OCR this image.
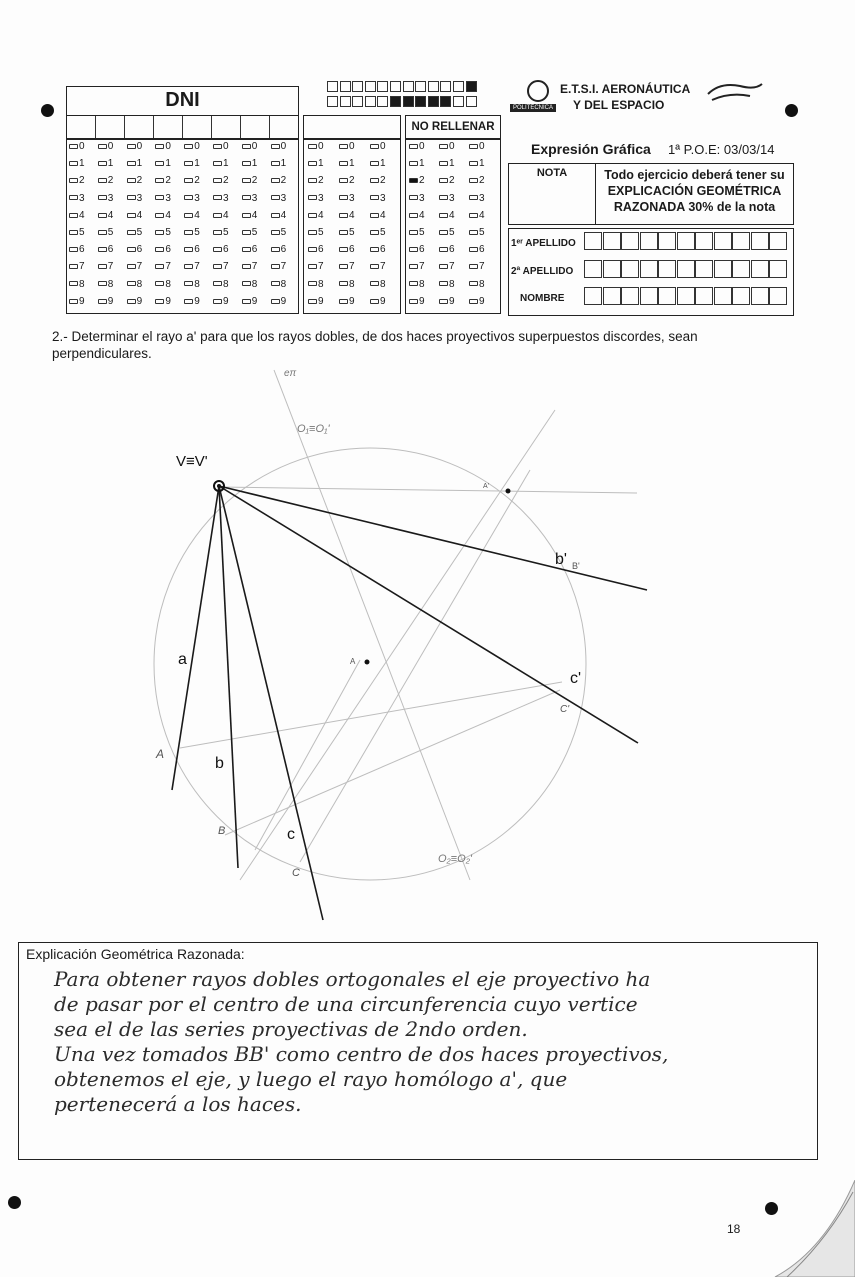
DNI
0	0	0	0	0	0	0	0
1	1	1	1	1	1	1	1
2	2	2	2	2	2	2	2
3	3	3	3	3	3	3	3
4	4	4	4	4	4	4	4
5	5	5	5	5	5	5	5
6	6	6	6	6	6	6	6
7	7	7	7	7	7	7	7
8	8	8	8	8	8	8	8
9	9	9	9	9	9	9	9
0	0	0
1	1	1
2	2	2
3	3	3
4	4	4
5	5	5
6	6	6
7	7	7
8	8	8
9	9	9
NO RELLENAR
0	0	0
1	1	1
2	2	2
3	3	3
4	4	4
5	5	5
6	6	6
7	7	7
8	8	8
9	9	9
POLITÉCNICA
E.T.S.I. AERONÁUTICA
Y DEL ESPACIO
Expresión Gráfica 1ª P.O.E: 03/03/14
NOTA	Todo ejercicio deberá tener su
EXPLICACIÓN GEOMÉTRICA
RAZONADA 30% de la nota
1ᵉʳ APELLIDO
2ª APELLIDO
NOMBRE
2.- Determinar el rayo a' para que los rayos dobles, de dos haces proyectivos superpuestos discordes, sean perpendiculares.
V≡V'
a
b
c
b' B'
c'
A
B
C
C'
A'
A
eπ
O₁≡O₁'
O₂≡O₂'
Explicación Geométrica Razonada:
Para obtener rayos dobles ortogonales el eje proyectivo ha
de pasar por el centro de una circunferencia cuyo vertice
sea el de las series proyectivas de 2ndo orden.
Una vez tomados BB' como centro de dos haces proyectivos,
obtenemos el eje, y luego el rayo homólogo a', que
pertenecerá a los haces.
18
